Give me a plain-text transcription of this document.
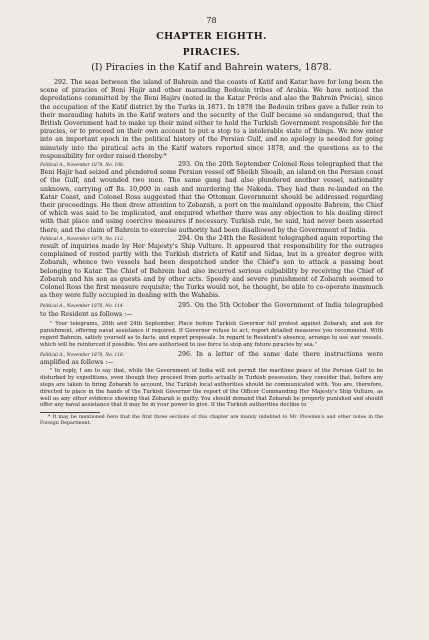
78
CHAPTER EIGHTH.
PIRACIES.
(I) Piracies in the Katif and Bahrein waters, 1878.

292. The seas between the island of Bahrein and the coasts of Katif and Katar have for long been the scene of piracies of Beni Hajir and other marauding Bedouin tribes of Arabia. We have noticed the depredations committed by the Beni Hajirs (noted in the Katar Précis and also the Bahrein Précis), since the occupation of the Katif district by the Turks in 1871. In 1878 the Bedouin tribes gave a fuller rein to their marauding habits in the Katif waters and the security of the Gulf became so endangered, that the British Government had to make up their mind either to hold the Turkish Government responsible for the piracies, or to proceed on their own account to put a stop to a intolerable state of things. We now enter into an important epoch in the political history of the Persian Gulf, and no apology is needed for going minutely into the piratical acts in the Katif waters reported since 1878, and the questions as to the responsibility for order raised thereby.*

Political A., November 1878, No. 108.	293. On the 20th September Colonel Ross telegraphed that the Beni Hajir had seized and plundered some Persian vessel off Sheikh Shoaib, an island on the Persian coast of the Gulf, and wounded two men. The same gang had also plundered another vessel, nationality unknown, carrying off Rs. 10,000 in cash and murdering the Nakoda. They had then re-landed on the Katar Coast, and Colonel Ross suggested that the Ottoman Government should be addressed regarding their proceedings. He then drew attention to Zobarah, a port on the mainland opposite Bahrein, the Chief of which was said to be implicated, and enquired whether there was any objection to his dealing direct with that place and using coercive measures if necessary. Turkish rule, he said, had never been asserted there, and the claim of Bahrein to exercise authority had been disallowed by the Government of India.

Political A., November 1878, No. 112.	294. On the 24th the Resident telegraphed again reporting the result of inquiries made by Her Majesty's Ship Vulture. It appeared that responsibility for the outrages complained of rested partly with the Turkish districts of Katif and Sidaa, but in a greater degree with Zobarah, whence two vessels had been despatched under the Chief's son to attack a passing boat belonging to Katar. The Chief of Bahrein had also incurred serious culpability by receiving the Chief of Zobarah and his son as guests and by other acts. Speedy and severe punishment of Zobarah seemed to Colonel Ross the first measure requisite; the Turks would not, he thought, be able to co-operate inasmuch as they were fully occupied in dealing with the Wahabis.

Political A., November 1878, No. 114.	295. On the 5th October the Government of India telegraphed to the Resident as follows :—

" Your telegrams, 20th and 24th September. Place before Turkish Governor full protest against Zobarah, and ask for punishment, offering naval assistance if required. If Governor refuse to act, report detailed measures you recommend. With regard Bahrein, satisfy yourself as to facts, and report proposals. In regard to Resident's absence, arrange to use war vessels, which will be reinforced if possible. You are authorised to use force to stop any future piracies by sea."

Political A., November 1878, No. 116.	296. In a letter of the same date there instructions were amplified as follows :—

" In reply, I am to say that, while the Government of India will not permit the maritime peace of the Persian Gulf to be disturbed by expeditions, even though they proceed from ports actually in Turkish possession, they consider that, before any steps are taken to bring Zobarah to account, the Turkish local authorities should be communicated with. You are, therefore, directed to place in the hands of the Turkish Governor the report of the Officer Commanding Her Majesty's Ship Vulture, as well as any other evidence showing that Zobarah is guilty. You should demand that Zobarah be properly punished and should offer any naval assistance that it may be in your power to give. If the Turkish authorities decline to

* It may be mentioned here that the first three sections of this chapter are mainly indebted to Mr. Plowden's and other notes in the Foreign Department.
